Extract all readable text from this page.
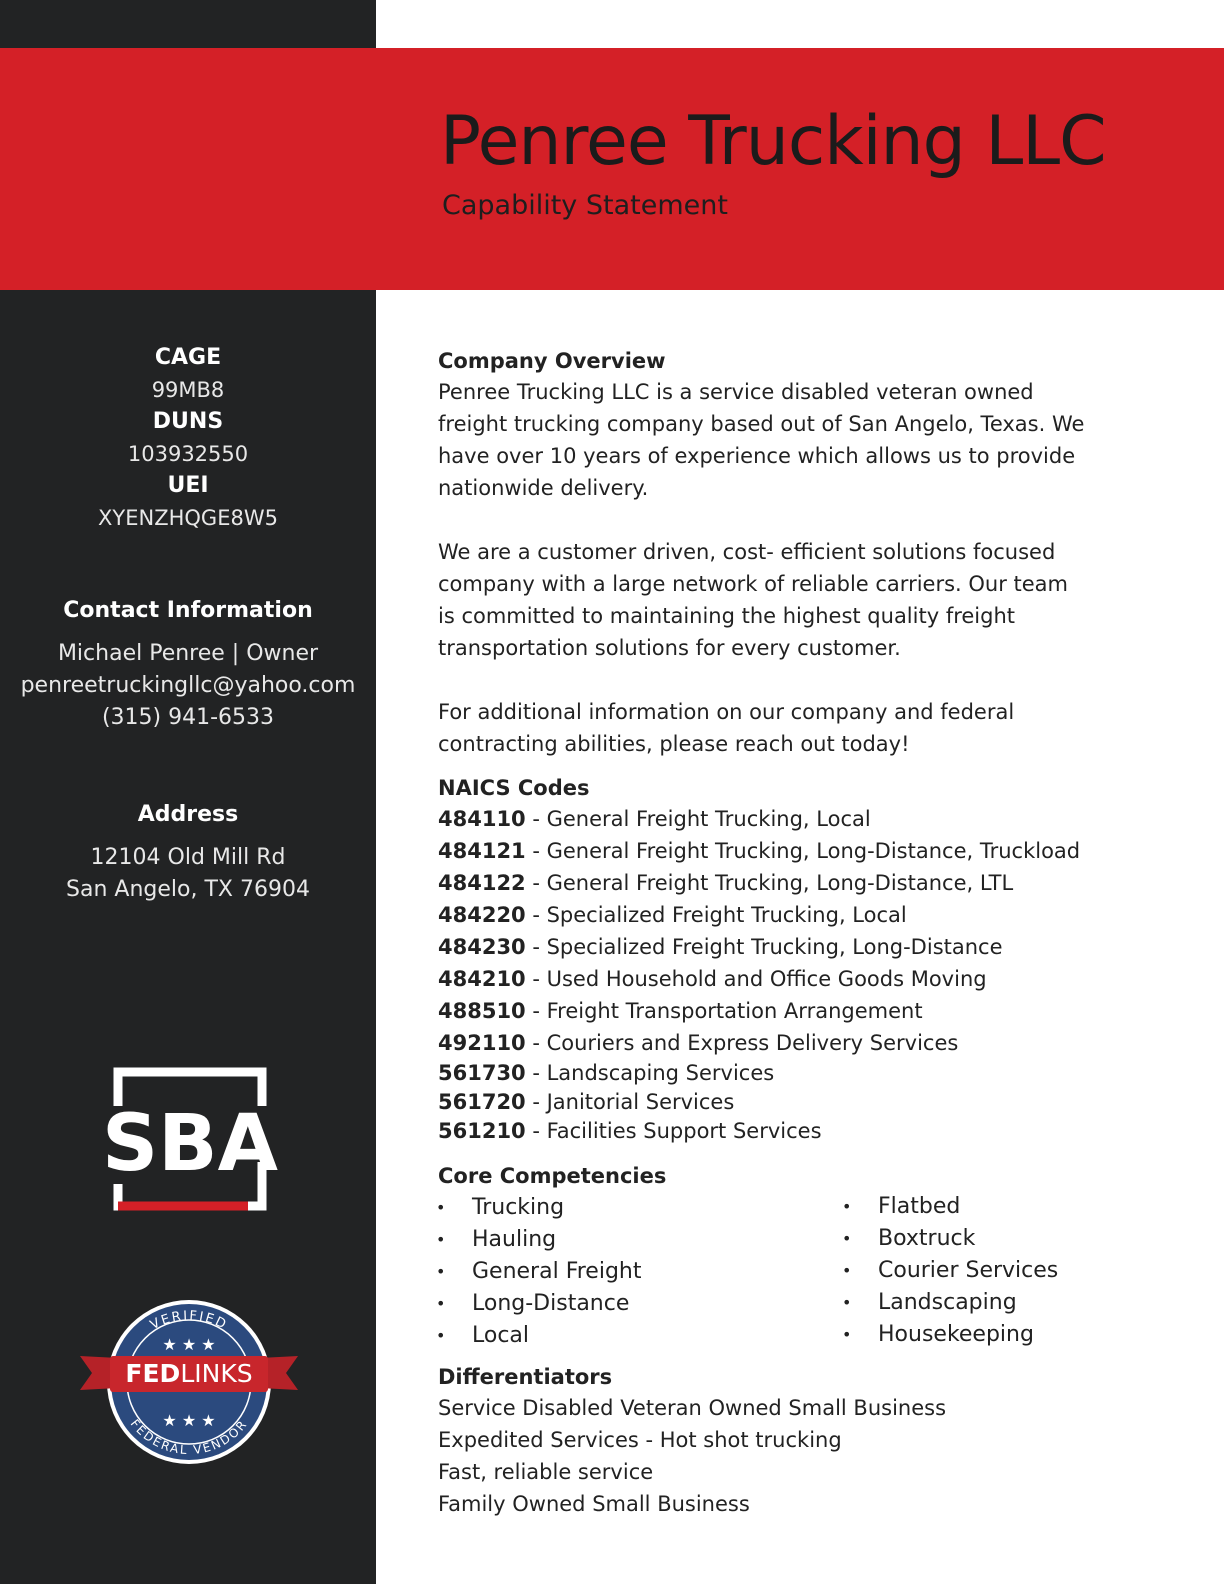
Penree Trucking LLC
Capability Statement
CAGE
99MB8
DUNS
103932550
UEI
XYENZHQGE8W5
Contact Information
Michael Penree | Owner
penreetruckingllc@yahoo.com
(315) 941-6533
Address
12104 Old Mill Rd
San Angelo, TX 76904
SBA
VERIFIED
FEDERAL VENDOR
★ ★ ★
★ ★ ★
FEDLINKS
Company Overview
Penree Trucking LLC is a service disabled veteran owned
freight trucking company based out of San Angelo, Texas. We
have over 10 years of experience which allows us to provide
nationwide delivery.
We are a customer driven, cost- efficient solutions focused
company with a large network of reliable carriers. Our team
is committed to maintaining the highest quality freight
transportation solutions for every customer.
For additional information on our company and federal
contracting abilities, please reach out today!
NAICS Codes
484110 - General Freight Trucking, Local
484121 - General Freight Trucking, Long-Distance, Truckload
484122 - General Freight Trucking, Long-Distance, LTL
484220 - Specialized Freight Trucking, Local
484230 - Specialized Freight Trucking, Long-Distance
484210 - Used Household and Office Goods Moving
488510 - Freight Transportation Arrangement
492110 - Couriers and Express Delivery Services
561730 - Landscaping Services
561720 - Janitorial Services
561210 - Facilities Support Services
Core Competencies
• Trucking
• Hauling
• General Freight
• Long-Distance
• Local
• Flatbed
• Boxtruck
• Courier Services
• Landscaping
• Housekeeping
Differentiators
Service Disabled Veteran Owned Small Business
Expedited Services - Hot shot trucking
Fast, reliable service
Family Owned Small Business
